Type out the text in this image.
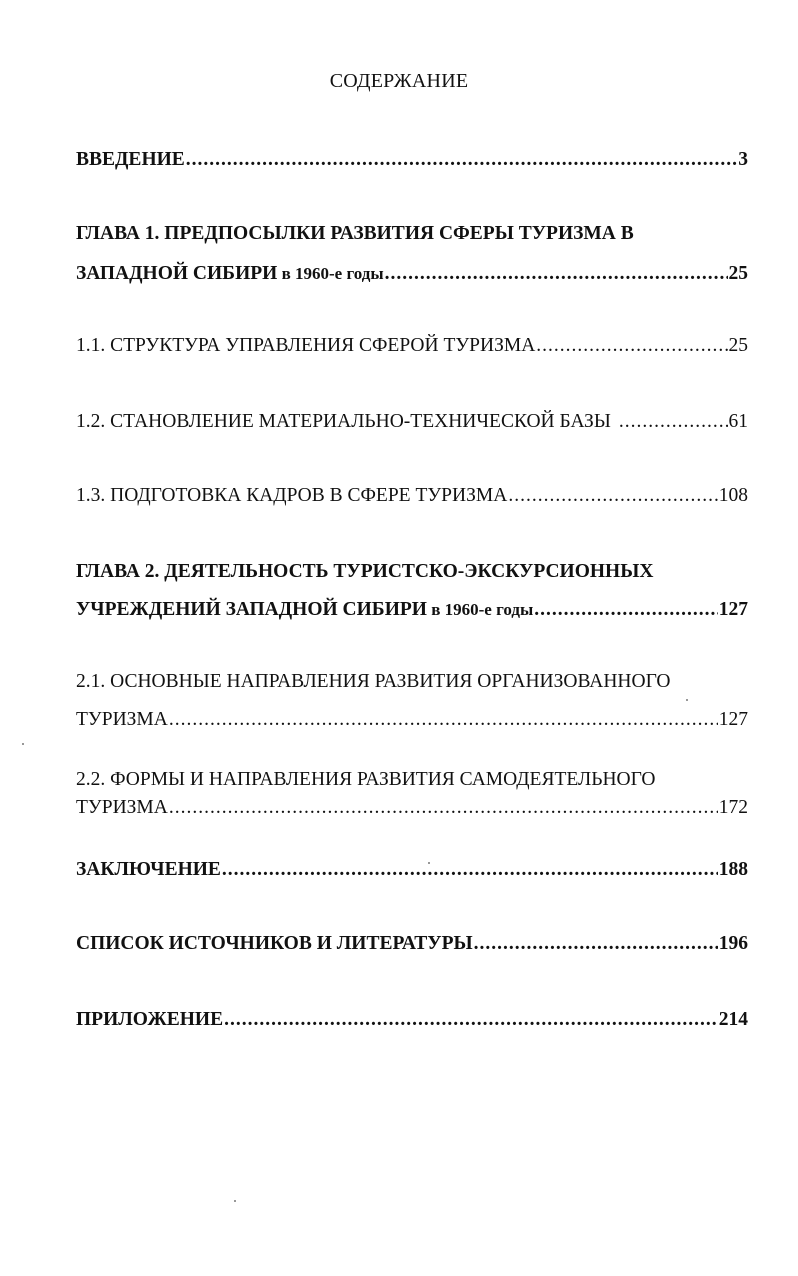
СОДЕРЖАНИЕ
ВВЕДЕНИЕ .....	3
ГЛАВА 1. ПРЕДПОСЫЛКИ РАЗВИТИЯ СФЕРЫ ТУРИЗМА В
ЗАПАДНОЙ СИБИРИ в 1960-е годы .....	25
1.1. СТРУКТУРА УПРАВЛЕНИЯ СФЕРОЙ ТУРИЗМА .....	25
1.2. СТАНОВЛЕНИЕ МАТЕРИАЛЬНО-ТЕХНИЧЕСКОЙ БАЗЫ .....	61
1.3. ПОДГОТОВКА КАДРОВ В СФЕРЕ ТУРИЗМА .....	108
ГЛАВА 2. ДЕЯТЕЛЬНОСТЬ ТУРИСТСКО-ЭКСКУРСИОННЫХ
УЧРЕЖДЕНИЙ ЗАПАДНОЙ СИБИРИ в 1960-е годы .....	127
2.1. ОСНОВНЫЕ НАПРАВЛЕНИЯ РАЗВИТИЯ ОРГАНИЗОВАННОГО
ТУРИЗМА .....	127
2.2. ФОРМЫ И НАПРАВЛЕНИЯ РАЗВИТИЯ САМОДЕЯТЕЛЬНОГО
ТУРИЗМА .....	172
ЗАКЛЮЧЕНИЕ .....	188
СПИСОК ИСТОЧНИКОВ И ЛИТЕРАТУРЫ .....	196
ПРИЛОЖЕНИЕ .....	214
